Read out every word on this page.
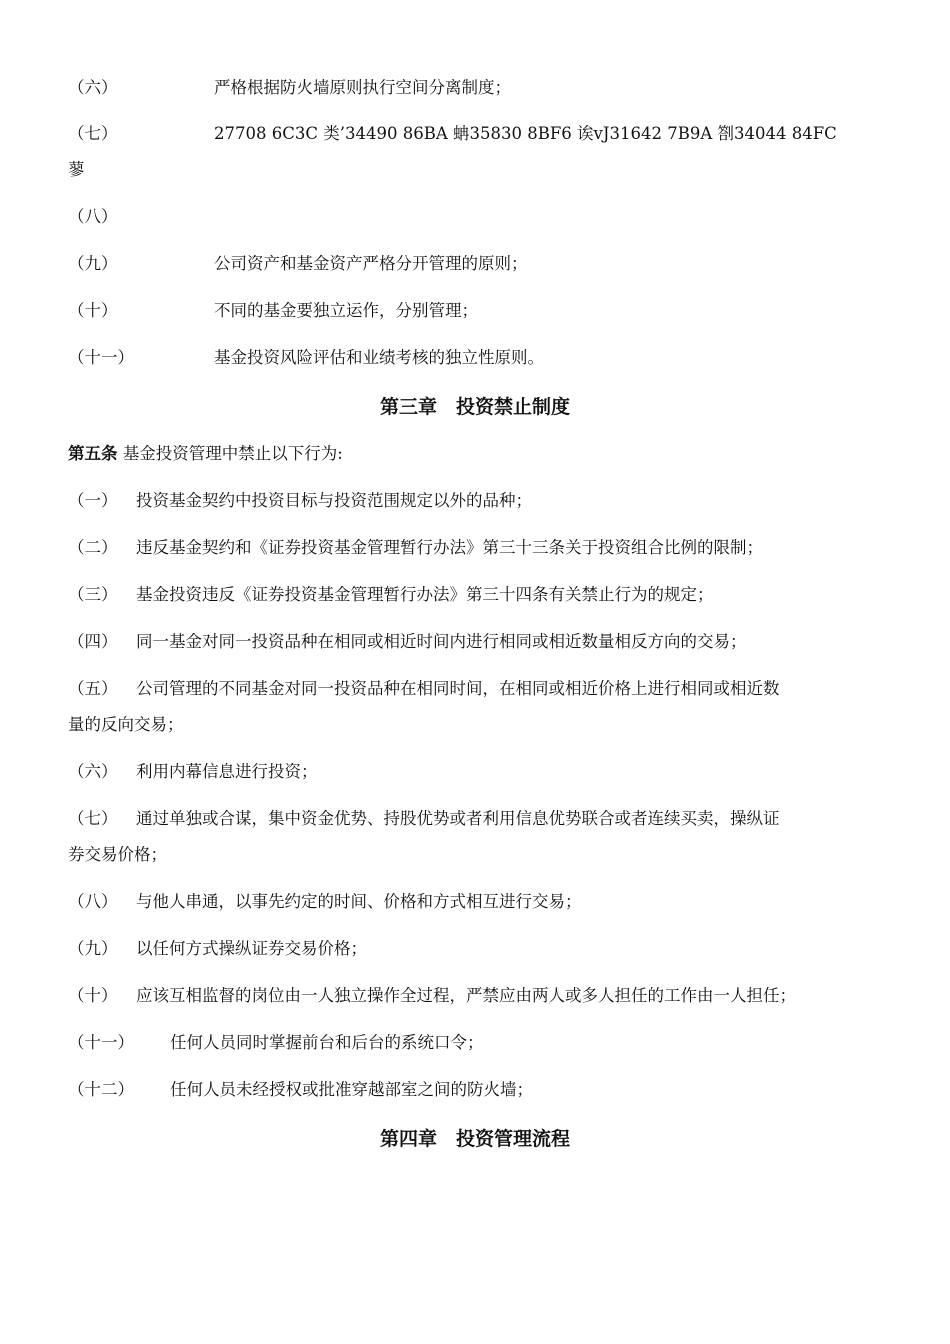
（六）	严格根据防火墙原则执行空间分离制度；
（七）	27708 6C3C 类’34490 86BA 蚺35830 8BF6 诶vJ31642 7B9A 劄34044 84FC
蓼
（八）
（九）	公司资产和基金资产严格分开管理的原则；
（十）	不同的基金要独立运作，分别管理；
（十一）	基金投资风险评估和业绩考核的独立性原则。
第三章　投资禁止制度
第五条 基金投资管理中禁止以下行为:
（一） 投资基金契约中投资目标与投资范围规定以外的品种；
（二） 违反基金契约和《证券投资基金管理暂行办法》第三十三条关于投资组合比例的限制；
（三） 基金投资违反《证券投资基金管理暂行办法》第三十四条有关禁止行为的规定；
（四） 同一基金对同一投资品种在相同或相近时间内进行相同或相近数量相反方向的交易；
（五） 公司管理的不同基金对同一投资品种在相同时间，在相同或相近价格上进行相同或相近数
量的反向交易；
（六） 利用内幕信息进行投资；
（七） 通过单独或合谋，集中资金优势、持股优势或者利用信息优势联合或者连续买卖，操纵证
券交易价格；
（八） 与他人串通，以事先约定的时间、价格和方式相互进行交易；
（九） 以任何方式操纵证券交易价格；
（十） 应该互相监督的岗位由一人独立操作全过程，严禁应由两人或多人担任的工作由一人担任；
（十一） 任何人员同时掌握前台和后台的系统口令；
（十二） 任何人员未经授权或批准穿越部室之间的防火墙；
第四章　投资管理流程
